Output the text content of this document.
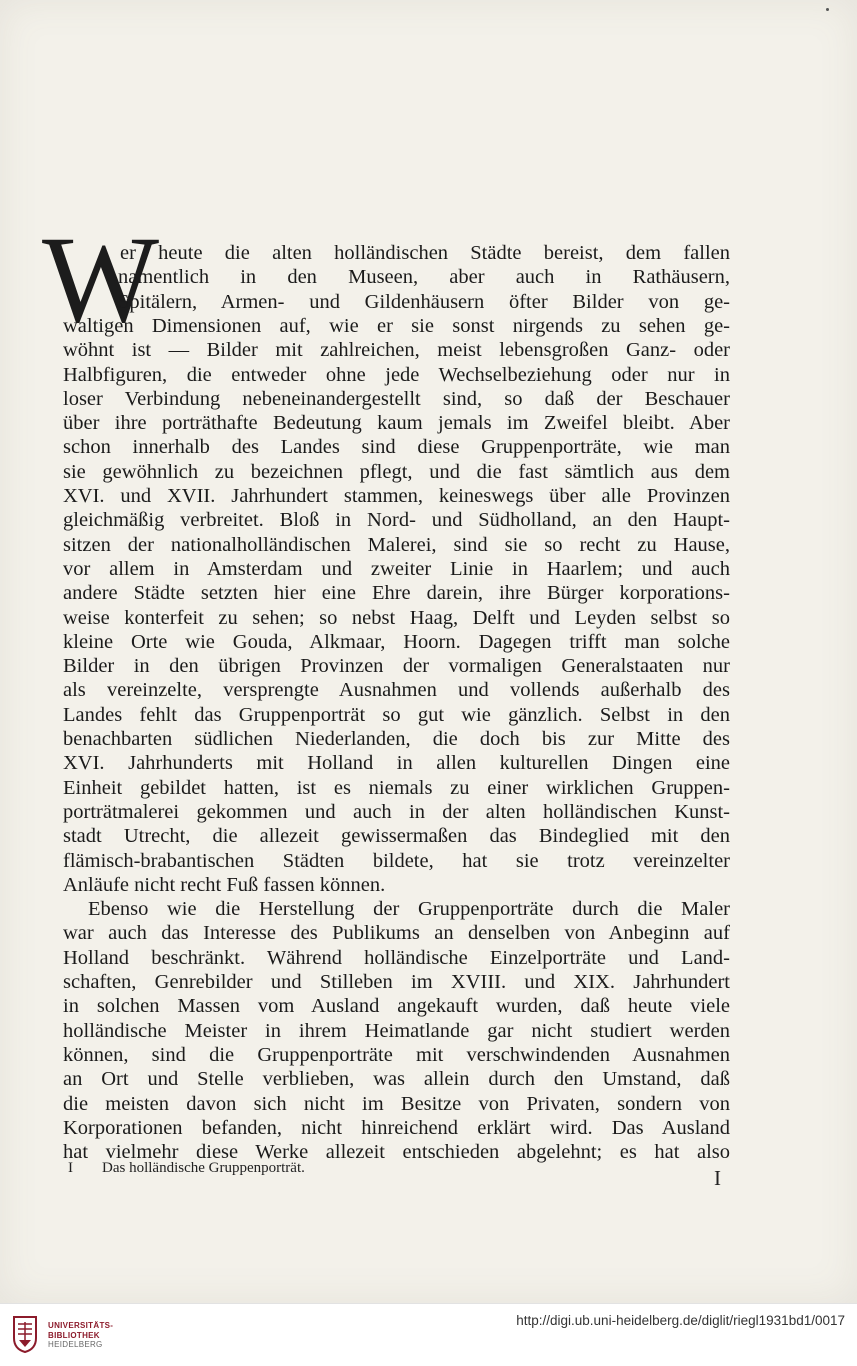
W
er heute die alten holländischen Städte bereist, dem fallen
namentlich in den Museen, aber auch in Rathäusern,
Spitälern, Armen- und Gildenhäusern öfter Bilder von ge-
waltigen Dimensionen auf, wie er sie sonst nirgends zu sehen ge-
wöhnt ist — Bilder mit zahlreichen, meist lebensgroßen Ganz- oder
Halbfiguren, die entweder ohne jede Wechselbeziehung oder nur in
loser Verbindung nebeneinandergestellt sind, so daß der Beschauer
über ihre porträthafte Bedeutung kaum jemals im Zweifel bleibt. Aber
schon innerhalb des Landes sind diese Gruppenporträte, wie man
sie gewöhnlich zu bezeichnen pflegt, und die fast sämtlich aus dem
XVI. und XVII. Jahrhundert stammen, keineswegs über alle Provinzen
gleichmäßig verbreitet. Bloß in Nord- und Südholland, an den Haupt-
sitzen der nationalholländischen Malerei, sind sie so recht zu Hause,
vor allem in Amsterdam und zweiter Linie in Haarlem; und auch
andere Städte setzten hier eine Ehre darein, ihre Bürger korporations-
weise konterfeit zu sehen; so nebst Haag, Delft und Leyden selbst so
kleine Orte wie Gouda, Alkmaar, Hoorn. Dagegen trifft man solche
Bilder in den übrigen Provinzen der vormaligen Generalstaaten nur
als vereinzelte, versprengte Ausnahmen und vollends außerhalb des
Landes fehlt das Gruppenporträt so gut wie gänzlich. Selbst in den
benachbarten südlichen Niederlanden, die doch bis zur Mitte des
XVI. Jahrhunderts mit Holland in allen kulturellen Dingen eine
Einheit gebildet hatten, ist es niemals zu einer wirklichen Gruppen-
porträtmalerei gekommen und auch in der alten holländischen Kunst-
stadt Utrecht, die allezeit gewissermaßen das Bindeglied mit den
flämisch-brabantischen Städten bildete, hat sie trotz vereinzelter
Anläufe nicht recht Fuß fassen können.
Ebenso wie die Herstellung der Gruppenporträte durch die Maler
war auch das Interesse des Publikums an denselben von Anbeginn auf
Holland beschränkt. Während holländische Einzelporträte und Land-
schaften, Genrebilder und Stilleben im XVIII. und XIX. Jahrhundert
in solchen Massen vom Ausland angekauft wurden, daß heute viele
holländische Meister in ihrem Heimatlande gar nicht studiert werden
können, sind die Gruppenporträte mit verschwindenden Ausnahmen
an Ort und Stelle verblieben, was allein durch den Umstand, daß
die meisten davon sich nicht im Besitze von Privaten, sondern von
Korporationen befanden, nicht hinreichend erklärt wird. Das Ausland
hat vielmehr diese Werke allezeit entschieden abgelehnt; es hat also
I Das holländische Gruppenporträt.	I
UNIVERSITÄTS-
BIBLIOTHEK
HEIDELBERG
http://digi.ub.uni-heidelberg.de/diglit/riegl1931bd1/0017
